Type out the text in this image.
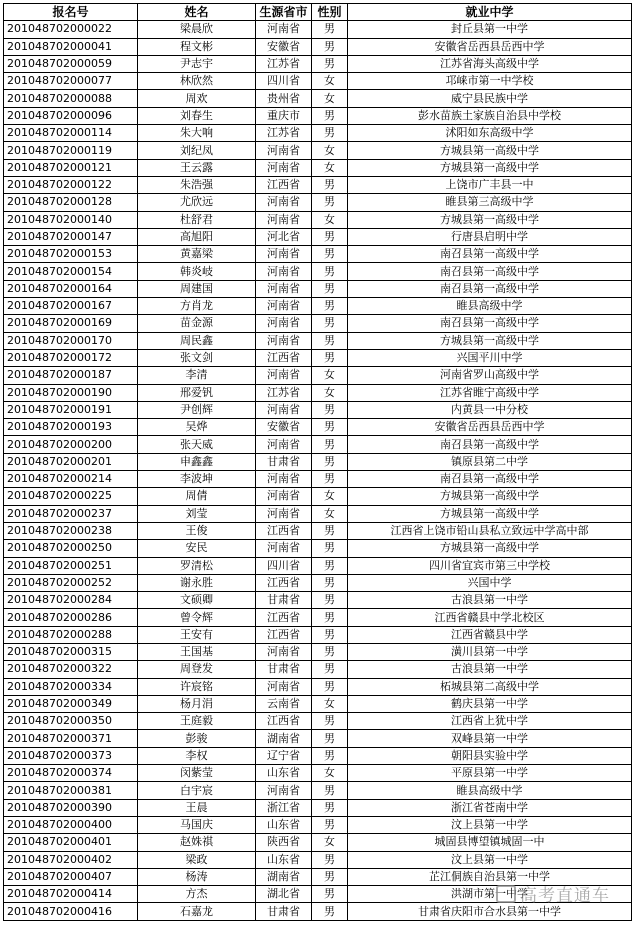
报名号	姓名	生源省市	性别	就业中学
201048702000022	梁晨欣	河南省	男	封丘县第一中学
201048702000041	程文彬	安徽省	男	安徽省岳西县岳西中学
201048702000059	尹志宇	江苏省	男	江苏省海头高级中学
201048702000077	林欣然	四川省	女	邛崃市第一中学校
201048702000088	周欢	贵州省	女	威宁县民族中学
201048702000096	刘春生	重庆市	男	彭水苗族土家族自治县中学校
201048702000114	朱大响	江苏省	男	沭阳如东高级中学
201048702000119	刘纪凤	河南省	女	方城县第一高级中学
201048702000121	王云露	河南省	女	方城县第一高级中学
201048702000122	朱浩强	江西省	男	上饶市广丰县一中
201048702000128	尤欣远	河南省	男	睢县第三高级中学
201048702000140	杜舒君	河南省	女	方城县第一高级中学
201048702000147	高旭阳	河北省	男	行唐县启明中学
201048702000153	黄嘉梁	河南省	男	南召县第一高级中学
201048702000154	韩炎岐	河南省	男	南召县第一高级中学
201048702000164	周建国	河南省	男	南召县第一高级中学
201048702000167	方肖龙	河南省	男	睢县高级中学
201048702000169	苗金源	河南省	男	南召县第一高级中学
201048702000170	周民鑫	河南省	男	方城县第一高级中学
201048702000172	张文剑	江西省	男	兴国平川中学
201048702000187	李清	河南省	女	河南省罗山高级中学
201048702000190	邢爱钒	江苏省	女	江苏省睢宁高级中学
201048702000191	尹创辉	河南省	男	内黄县一中分校
201048702000193	吴烨	安徽省	男	安徽省岳西县岳西中学
201048702000200	张天威	河南省	男	南召县第一高级中学
201048702000201	申鑫鑫	甘肃省	男	镇原县第二中学
201048702000214	李波坤	河南省	男	南召县第一高级中学
201048702000225	周倩	河南省	女	方城县第一高级中学
201048702000237	刘莹	河南省	女	方城县第一高级中学
201048702000238	王俊	江西省	男	江西省上饶市铅山县私立致远中学高中部
201048702000250	安民	河南省	男	方城县第一高级中学
201048702000251	罗清松	四川省	男	四川省宜宾市第三中学校
201048702000252	谢永胜	江西省	男	兴国中学
201048702000284	文硕卿	甘肃省	男	古浪县第一中学
201048702000286	曾令辉	江西省	男	江西省赣县中学北校区
201048702000288	王安有	江西省	男	江西省赣县中学
201048702000315	王国基	河南省	男	潢川县第一中学
201048702000322	周登发	甘肃省	男	古浪县第一中学
201048702000334	许宸铭	河南省	男	柘城县第二高级中学
201048702000349	杨月涓	云南省	女	鹤庆县第一中学
201048702000350	王庭毅	江西省	男	江西省上犹中学
201048702000371	彭骏	湖南省	男	双峰县第一中学
201048702000373	李权	辽宁省	男	朝阳县实验中学
201048702000374	闵紫莹	山东省	女	平原县第一中学
201048702000381	白宇宸	河南省	男	睢县高级中学
201048702000390	王晨	浙江省	男	浙江省苍南中学
201048702000400	马国庆	山东省	男	汶上县第一中学
201048702000401	赵姝祺	陕西省	女	城固县博望镇城固一中
201048702000402	梁政	山东省	男	汶上县第一中学
201048702000407	杨涛	湖南省	男	芷江侗族自治县第一中学
201048702000414	方杰	湖北省	男	洪湖市第一中学
201048702000416	石嘉龙	甘肃省	男	甘肃省庆阳市合水县第一中学
高考直通车
